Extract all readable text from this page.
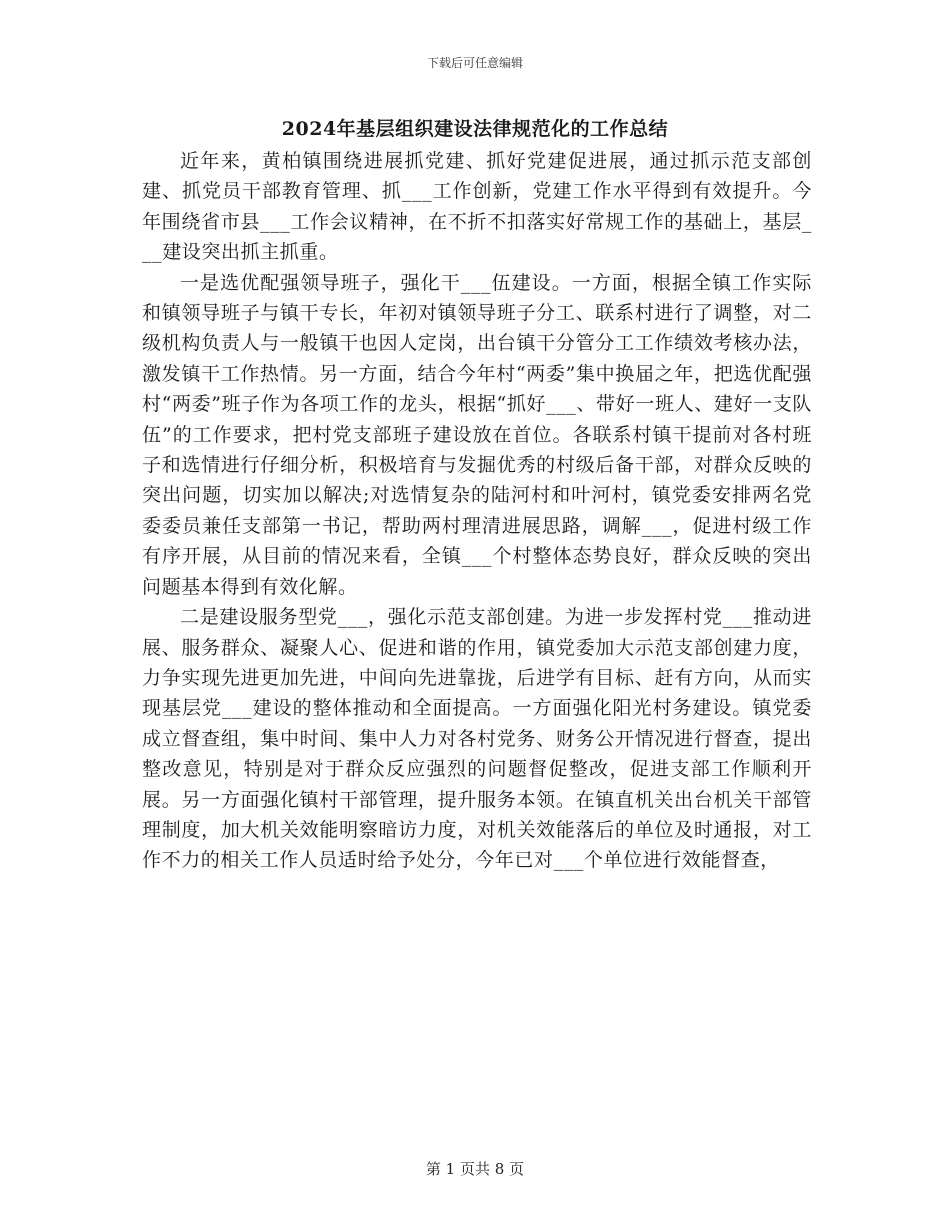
下载后可任意编辑
2024年基层组织建设法律规范化的工作总结

近年来，黄柏镇围绕进展抓党建、抓好党建促进展，通过抓示范支部创建、抓党员干部教育管理、抓___工作创新，党建工作水平得到有效提升。今年围绕省市县___工作会议精神，在不折不扣落实好常规工作的基础上，基层___建设突出抓主抓重。

一是选优配强领导班子，强化干___伍建设。一方面，根据全镇工作实际和镇领导班子与镇干专长，年初对镇领导班子分工、联系村进行了调整，对二级机构负责人与一般镇干也因人定岗，出台镇干分管分工工作绩效考核办法，激发镇干工作热情。另一方面，结合今年村“两委”集中换届之年，把选优配强村“两委”班子作为各项工作的龙头，根据“抓好___、带好一班人、建好一支队伍”的工作要求，把村党支部班子建设放在首位。各联系村镇干提前对各村班子和选情进行仔细分析，积极培育与发掘优秀的村级后备干部，对群众反映的突出问题，切实加以解决;对选情复杂的陆河村和叶河村，镇党委安排两名党委委员兼任支部第一书记，帮助两村理清进展思路，调解___，促进村级工作有序开展，从目前的情况来看，全镇___个村整体态势良好，群众反映的突出问题基本得到有效化解。

二是建设服务型党___，强化示范支部创建。为进一步发挥村党___推动进展、服务群众、凝聚人心、促进和谐的作用，镇党委加大示范支部创建力度，力争实现先进更加先进，中间向先进靠拢，后进学有目标、赶有方向，从而实现基层党___建设的整体推动和全面提高。一方面强化阳光村务建设。镇党委成立督查组，集中时间、集中人力对各村党务、财务公开情况进行督查，提出整改意见，特别是对于群众反应强烈的问题督促整改，促进支部工作顺利开展。另一方面强化镇村干部管理，提升服务本领。在镇直机关出台机关干部管理制度，加大机关效能明察暗访力度，对机关效能落后的单位及时通报，对工作不力的相关工作人员适时给予处分，今年已对___个单位进行效能督查，

第 1 页共 8 页
